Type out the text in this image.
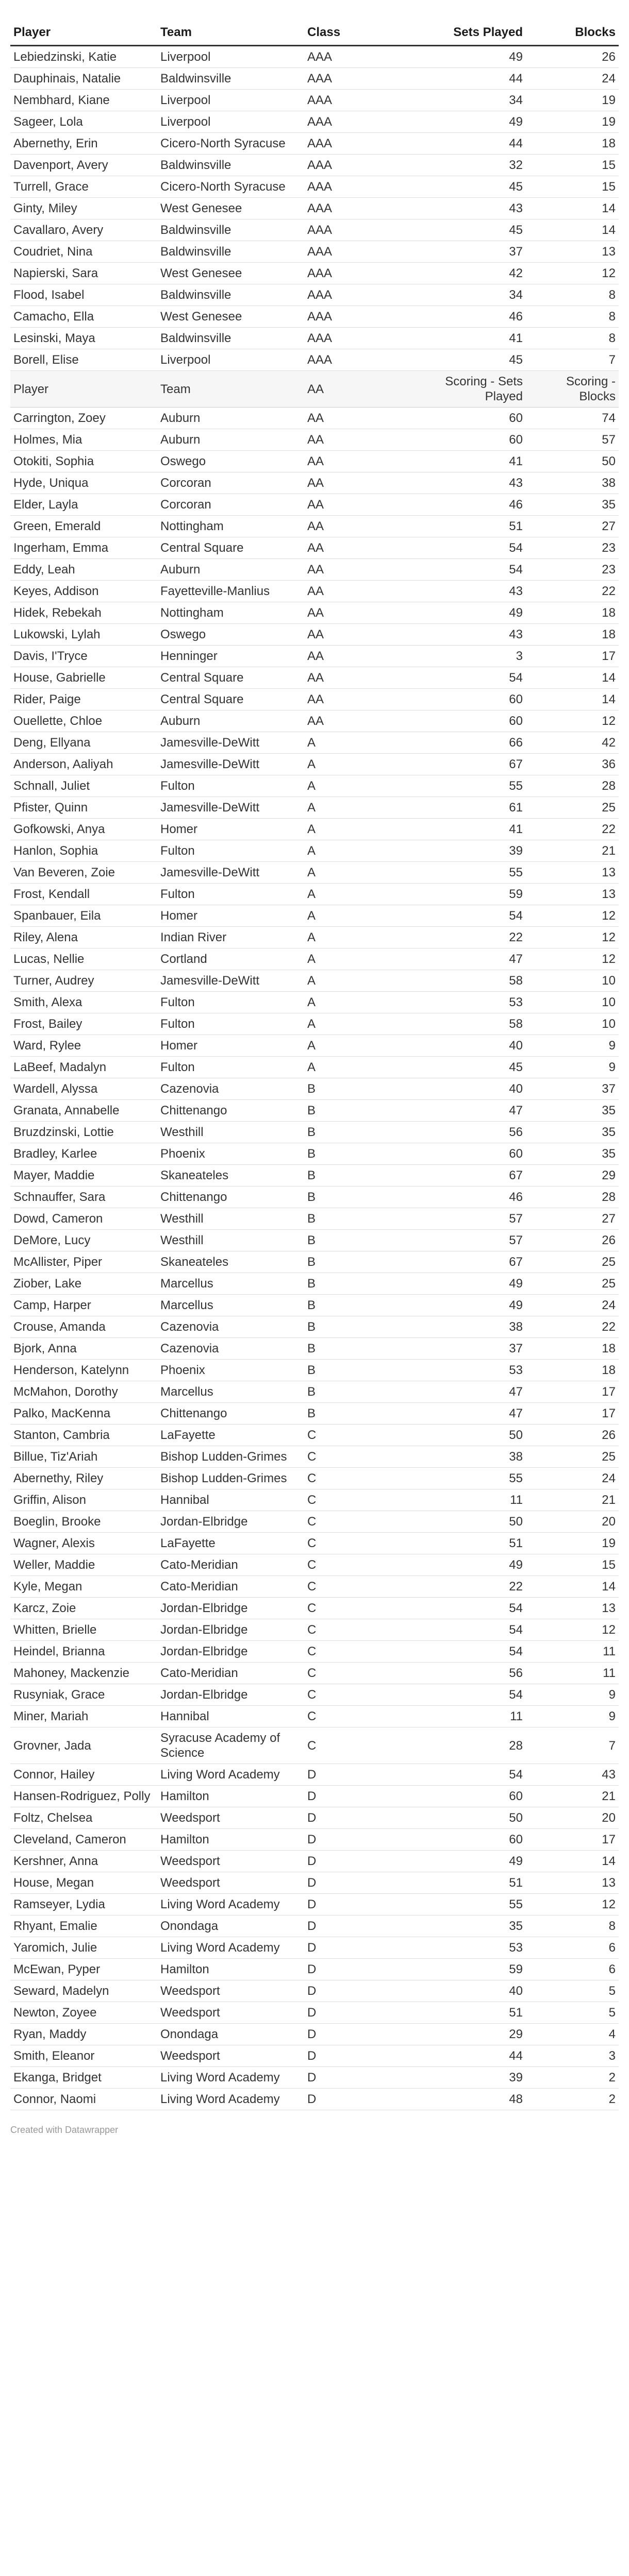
Player	Team	Class	Sets Played	Blocks
Lebiedzinski, Katie	Liverpool	AAA	49	26
Dauphinais, Natalie	Baldwinsville	AAA	44	24
Nembhard, Kiane	Liverpool	AAA	34	19
Sageer, Lola	Liverpool	AAA	49	19
Abernethy, Erin	Cicero-North Syracuse	AAA	44	18
Davenport, Avery	Baldwinsville	AAA	32	15
Turrell, Grace	Cicero-North Syracuse	AAA	45	15
Ginty, Miley	West Genesee	AAA	43	14
Cavallaro, Avery	Baldwinsville	AAA	45	14
Coudriet, Nina	Baldwinsville	AAA	37	13
Napierski, Sara	West Genesee	AAA	42	12
Flood, Isabel	Baldwinsville	AAA	34	8
Camacho, Ella	West Genesee	AAA	46	8
Lesinski, Maya	Baldwinsville	AAA	41	8
Borell, Elise	Liverpool	AAA	45	7
Player	Team	AA	Scoring - Sets Played	Scoring - Blocks
Carrington, Zoey	Auburn	AA	60	74
Holmes, Mia	Auburn	AA	60	57
Otokiti, Sophia	Oswego	AA	41	50
Hyde, Uniqua	Corcoran	AA	43	38
Elder, Layla	Corcoran	AA	46	35
Green, Emerald	Nottingham	AA	51	27
Ingerham, Emma	Central Square	AA	54	23
Eddy, Leah	Auburn	AA	54	23
Keyes, Addison	Fayetteville-Manlius	AA	43	22
Hidek, Rebekah	Nottingham	AA	49	18
Lukowski, Lylah	Oswego	AA	43	18
Davis, I'Tryce	Henninger	AA	3	17
House, Gabrielle	Central Square	AA	54	14
Rider, Paige	Central Square	AA	60	14
Ouellette, Chloe	Auburn	AA	60	12
Deng, Ellyana	Jamesville-DeWitt	A	66	42
Anderson, Aaliyah	Jamesville-DeWitt	A	67	36
Schnall, Juliet	Fulton	A	55	28
Pfister, Quinn	Jamesville-DeWitt	A	61	25
Gofkowski, Anya	Homer	A	41	22
Hanlon, Sophia	Fulton	A	39	21
Van Beveren, Zoie	Jamesville-DeWitt	A	55	13
Frost, Kendall	Fulton	A	59	13
Spanbauer, Eila	Homer	A	54	12
Riley, Alena	Indian River	A	22	12
Lucas, Nellie	Cortland	A	47	12
Turner, Audrey	Jamesville-DeWitt	A	58	10
Smith, Alexa	Fulton	A	53	10
Frost, Bailey	Fulton	A	58	10
Ward, Rylee	Homer	A	40	9
LaBeef, Madalyn	Fulton	A	45	9
Wardell, Alyssa	Cazenovia	B	40	37
Granata, Annabelle	Chittenango	B	47	35
Bruzdzinski, Lottie	Westhill	B	56	35
Bradley, Karlee	Phoenix	B	60	35
Mayer, Maddie	Skaneateles	B	67	29
Schnauffer, Sara	Chittenango	B	46	28
Dowd, Cameron	Westhill	B	57	27
DeMore, Lucy	Westhill	B	57	26
McAllister, Piper	Skaneateles	B	67	25
Ziober, Lake	Marcellus	B	49	25
Camp, Harper	Marcellus	B	49	24
Crouse, Amanda	Cazenovia	B	38	22
Bjork, Anna	Cazenovia	B	37	18
Henderson, Katelynn	Phoenix	B	53	18
McMahon, Dorothy	Marcellus	B	47	17
Palko, MacKenna	Chittenango	B	47	17
Stanton, Cambria	LaFayette	C	50	26
Billue, Tiz'Ariah	Bishop Ludden-Grimes	C	38	25
Abernethy, Riley	Bishop Ludden-Grimes	C	55	24
Griffin, Alison	Hannibal	C	11	21
Boeglin, Brooke	Jordan-Elbridge	C	50	20
Wagner, Alexis	LaFayette	C	51	19
Weller, Maddie	Cato-Meridian	C	49	15
Kyle, Megan	Cato-Meridian	C	22	14
Karcz, Zoie	Jordan-Elbridge	C	54	13
Whitten, Brielle	Jordan-Elbridge	C	54	12
Heindel, Brianna	Jordan-Elbridge	C	54	11
Mahoney, Mackenzie	Cato-Meridian	C	56	11
Rusyniak, Grace	Jordan-Elbridge	C	54	9
Miner, Mariah	Hannibal	C	11	9
Grovner, Jada	Syracuse Academy of Science	C	28	7
Connor, Hailey	Living Word Academy	D	54	43
Hansen-Rodriguez, Polly	Hamilton	D	60	21
Foltz, Chelsea	Weedsport	D	50	20
Cleveland, Cameron	Hamilton	D	60	17
Kershner, Anna	Weedsport	D	49	14
House, Megan	Weedsport	D	51	13
Ramseyer, Lydia	Living Word Academy	D	55	12
Rhyant, Emalie	Onondaga	D	35	8
Yaromich, Julie	Living Word Academy	D	53	6
McEwan, Pyper	Hamilton	D	59	6
Seward, Madelyn	Weedsport	D	40	5
Newton, Zoyee	Weedsport	D	51	5
Ryan, Maddy	Onondaga	D	29	4
Smith, Eleanor	Weedsport	D	44	3
Ekanga, Bridget	Living Word Academy	D	39	2
Connor, Naomi	Living Word Academy	D	48	2
Created with Datawrapper
